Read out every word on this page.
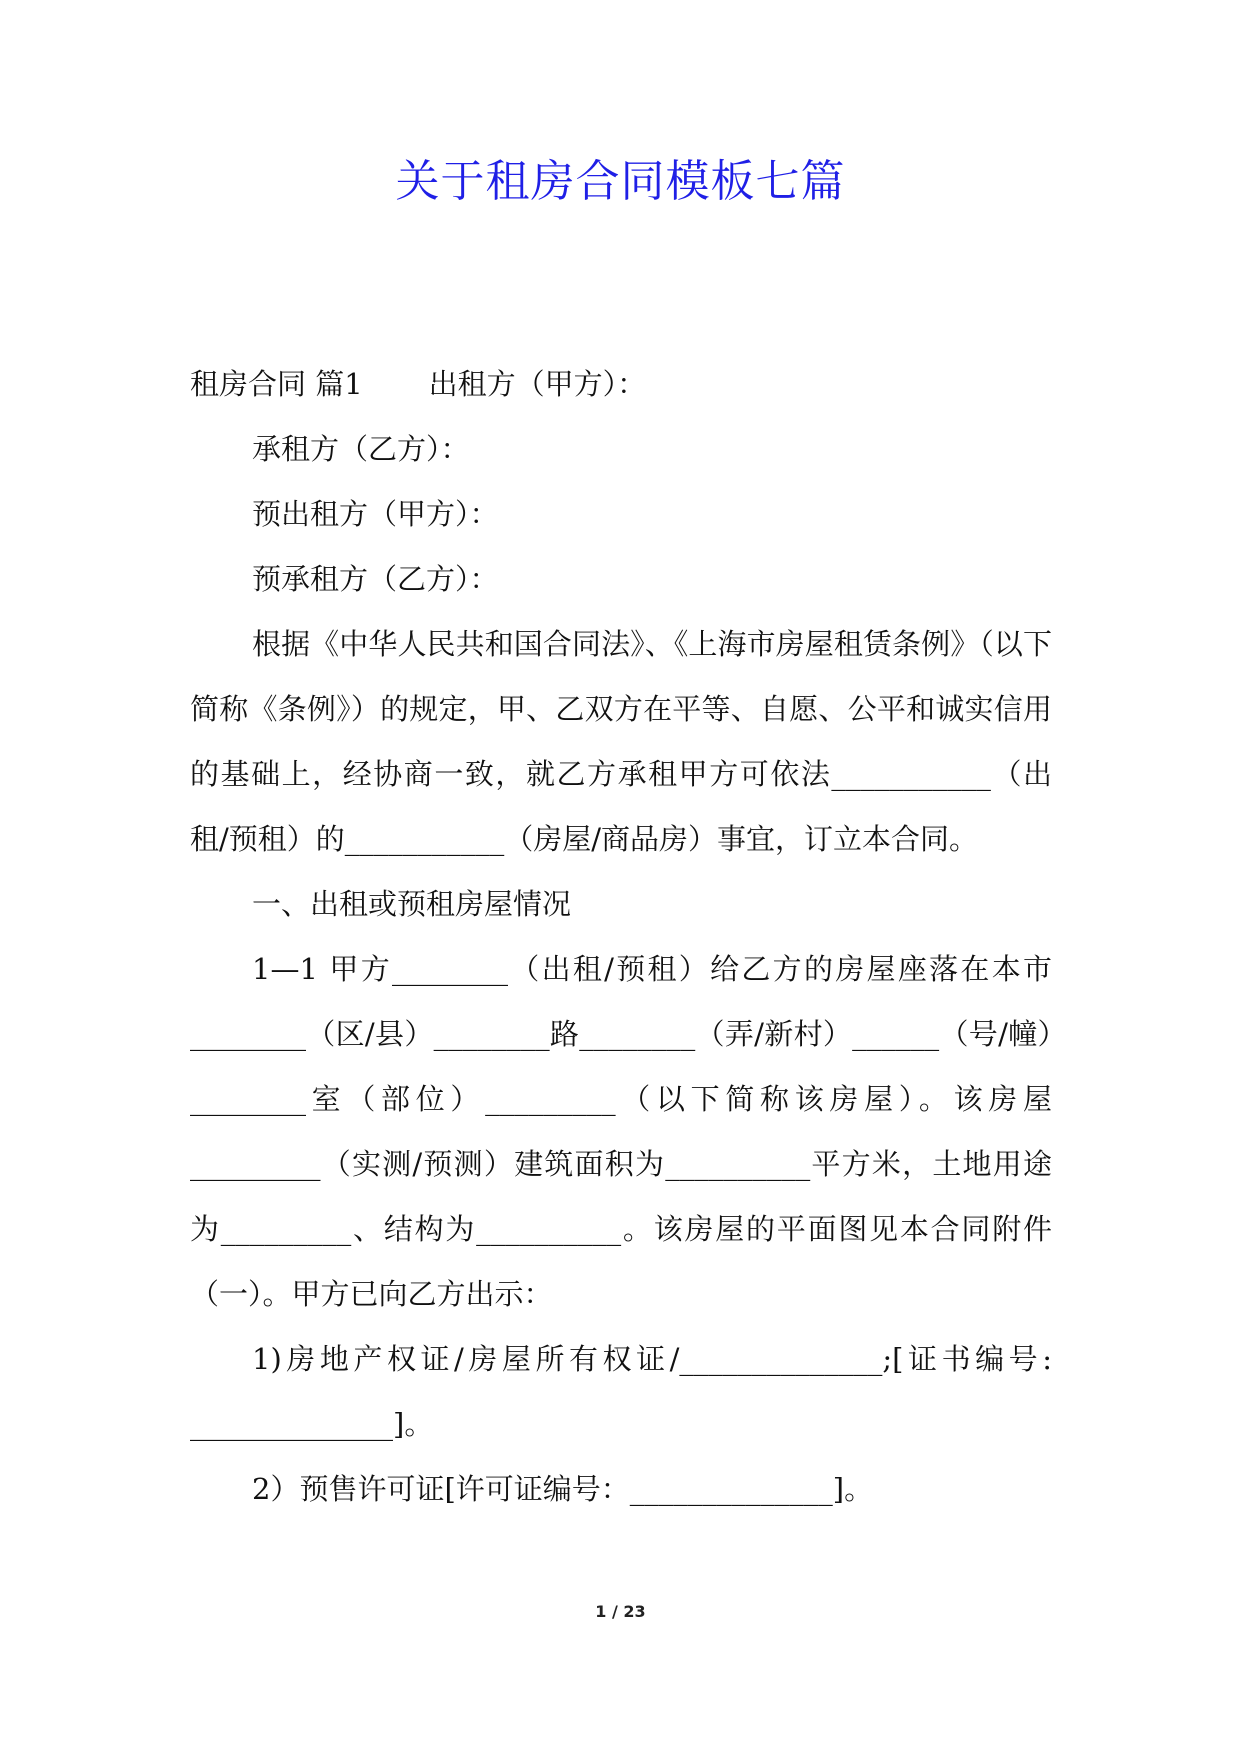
关于租房合同模板七篇

租房合同 篇1 出租方（甲方）：

承租方（乙方）：

预出租方（甲方）：

预承租方（乙方）：

根据《中华人民共和国合同法》、《上海市房屋租赁条例》（以下简称《条例》）的规定，甲、乙双方在平等、自愿、公平和诚实信用的基础上，经协商一致，就乙方承租甲方可依法___________（出租/预租）的___________（房屋/商品房）事宜，订立本合同。

一、出租或预租房屋情况

1—1 甲方________（出租/预租）给乙方的房屋座落在本市________（区/县）________路________（弄/新村）______（号/幢）________室（部位）_________（以下简称该房屋）。该房屋_________（实测/预测）建筑面积为__________平方米，土地用途为_________、结构为__________。该房屋的平面图见本合同附件（一）。甲方已向乙方出示：

1)房地产权证/房屋所有权证/______________;[证书编号: ______________]。

2）预售许可证[许可证编号：______________]。

1 / 23
